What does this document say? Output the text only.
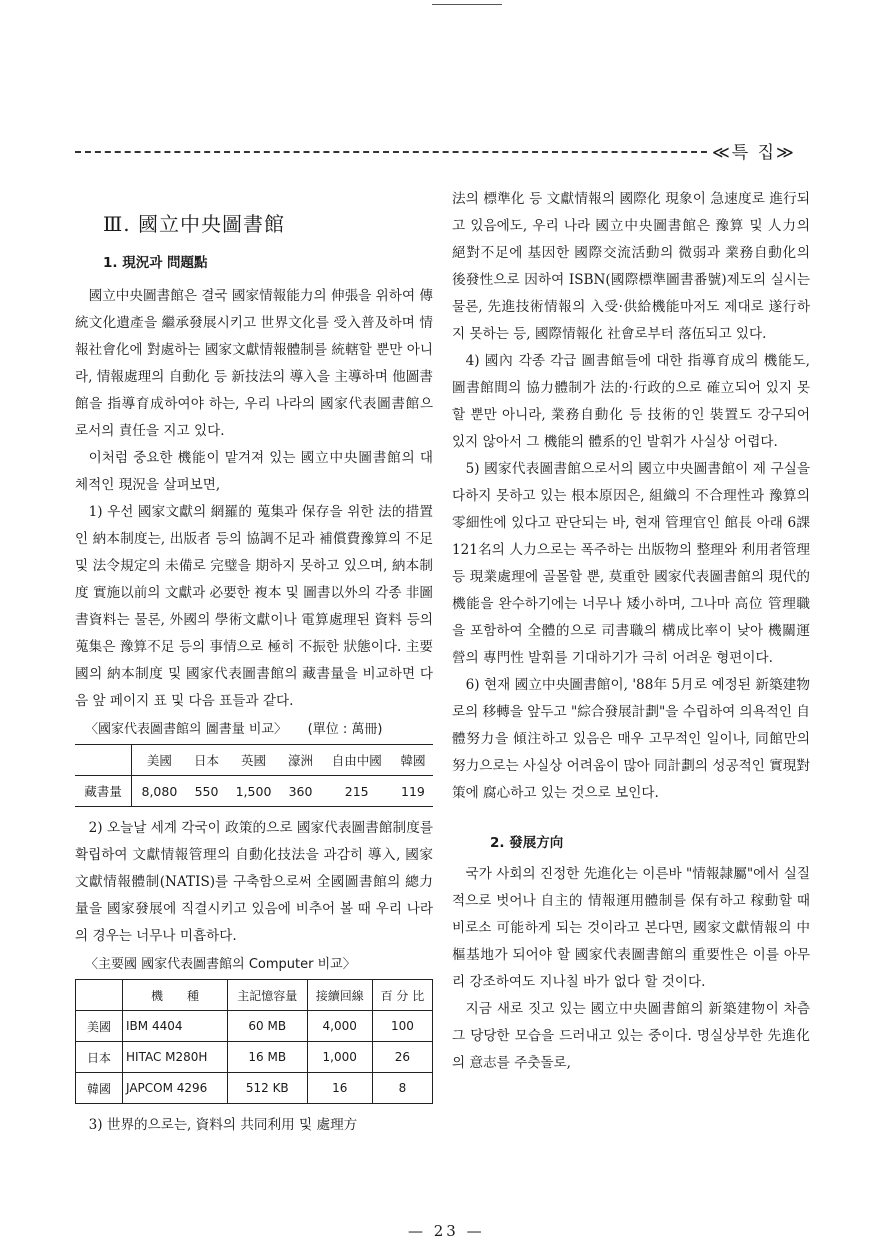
≪특 집≫
Ⅲ. 國立中央圖書館
1. 現況과 問題點

國立中央圖書館은 결국 國家情報能力의 伸張을 위하여 傳統文化遺產을 繼承發展시키고 世界文化를 受入普及하며 情報社會化에 對處하는 國家文獻情報體制를 統轄할 뿐만 아니라, 情報處理의 自動化 등 新技法의 導入을 主導하며 他圖書館을 指導育成하여야 하는, 우리 나라의 國家代表圖書館으로서의 責任을 지고 있다.

이처럼 중요한 機能이 맡겨져 있는 國立中央圖書館의 대체적인 現況을 살펴보면,

1) 우선 國家文獻의 網羅的 蒐集과 保存을 위한 法的措置인 納本制度는, 出版者 등의 協調不足과 補償費豫算의 不足 및 法令規定의 未備로 完璧을 期하지 못하고 있으며, 納本制度 實施以前의 文獻과 必要한 複本 및 圖書以外의 각종 非圖書資料는 물론, 外國의 學術文獻이나 電算處理된 資料 등의 蒐集은 豫算不足 등의 事情으로 極히 不振한 狀態이다. 主要國의 納本制度 및 國家代表圖書館의 藏書量을 비교하면 다음 앞 페이지 표 및 다음 표들과 같다.

〈國家代表圖書館의 圖書量 비교〉 (單位 : 萬冊)
	美國	日本	英國	濠洲	自由中國	韓國
藏書量	8,080	550	1,500	360	215	119

2) 오늘날 세계 각국이 政策的으로 國家代表圖書館制度를 확립하여 文獻情報管理의 自動化技法을 과감히 導入, 國家文獻情報體制(NATIS)를 구축함으로써 全國圖書館의 總力量을 國家發展에 직결시키고 있음에 비추어 볼 때 우리 나라의 경우는 너무나 미흡하다.

〈主要國 國家代表圖書館의 Computer 비교〉
	機　　種	主記憶容量	接續回線	百 分 比
美國	IBM 4404	60 MB	4,000	100
日本	HITAC M280H	16 MB	1,000	26
韓國	JAPCOM 4296	512 KB	16	8

3) 世界的으로는, 資料의 共同利用 및 處理方

法의 標準化 등 文獻情報의 國際化 現象이 急速度로 進行되고 있음에도, 우리 나라 國立中央圖書館은 豫算 및 人力의 絕對不足에 基因한 國際交流活動의 微弱과 業務自動化의 後發性으로 因하여 ISBN(國際標準圖書番號)제도의 실시는 물론, 先進技術情報의 入受·供給機能마저도 제대로 遂行하지 못하는 등, 國際情報化 社會로부터 落伍되고 있다.

4) 國內 각종 각급 圖書館들에 대한 指導育成의 機能도, 圖書館間의 協力體制가 法的·行政的으로 確立되어 있지 못할 뿐만 아니라, 業務自動化 등 技術的인 裝置도 강구되어 있지 않아서 그 機能의 體系的인 발휘가 사실상 어렵다.

5) 國家代表圖書館으로서의 國立中央圖書館이 제 구실을 다하지 못하고 있는 根本原因은, 組織의 不合理性과 豫算의 零細性에 있다고 판단되는 바, 현재 管理官인 館長 아래 6課 121名의 人力으로는 폭주하는 出版物의 整理와 利用者管理 등 現業處理에 골몰할 뿐, 莫重한 國家代表圖書館의 現代的 機能을 완수하기에는 너무나 矮小하며, 그나마 高位 管理職을 포함하여 全體的으로 司書職의 構成比率이 낮아 機關運營의 專門性 발휘를 기대하기가 극히 어려운 형편이다.

6) 현재 國立中央圖書館이, '88年 5月로 예정된 新築建物로의 移轉을 앞두고 "綜合發展計劃"을 수립하여 의욕적인 自體努力을 傾注하고 있음은 매우 고무적인 일이나, 同館만의 努力으로는 사실상 어려움이 많아 同計劃의 성공적인 實現對策에 腐心하고 있는 것으로 보인다.

2. 發展方向

국가 사회의 진정한 先進化는 이른바 "情報隷屬"에서 실질적으로 벗어나 自主的 情報運用體制를 保有하고 稼動할 때 비로소 可能하게 되는 것이라고 본다면, 國家文獻情報의 中樞基地가 되어야 할 國家代表圖書館의 重要性은 이를 아무리 강조하여도 지나칠 바가 없다 할 것이다.

지금 새로 짓고 있는 國立中央圖書館의 新築建物이 차츰 그 당당한 모습을 드러내고 있는 중이다. 명실상부한 先進化의 意志를 주춧돌로,

— 23 —
